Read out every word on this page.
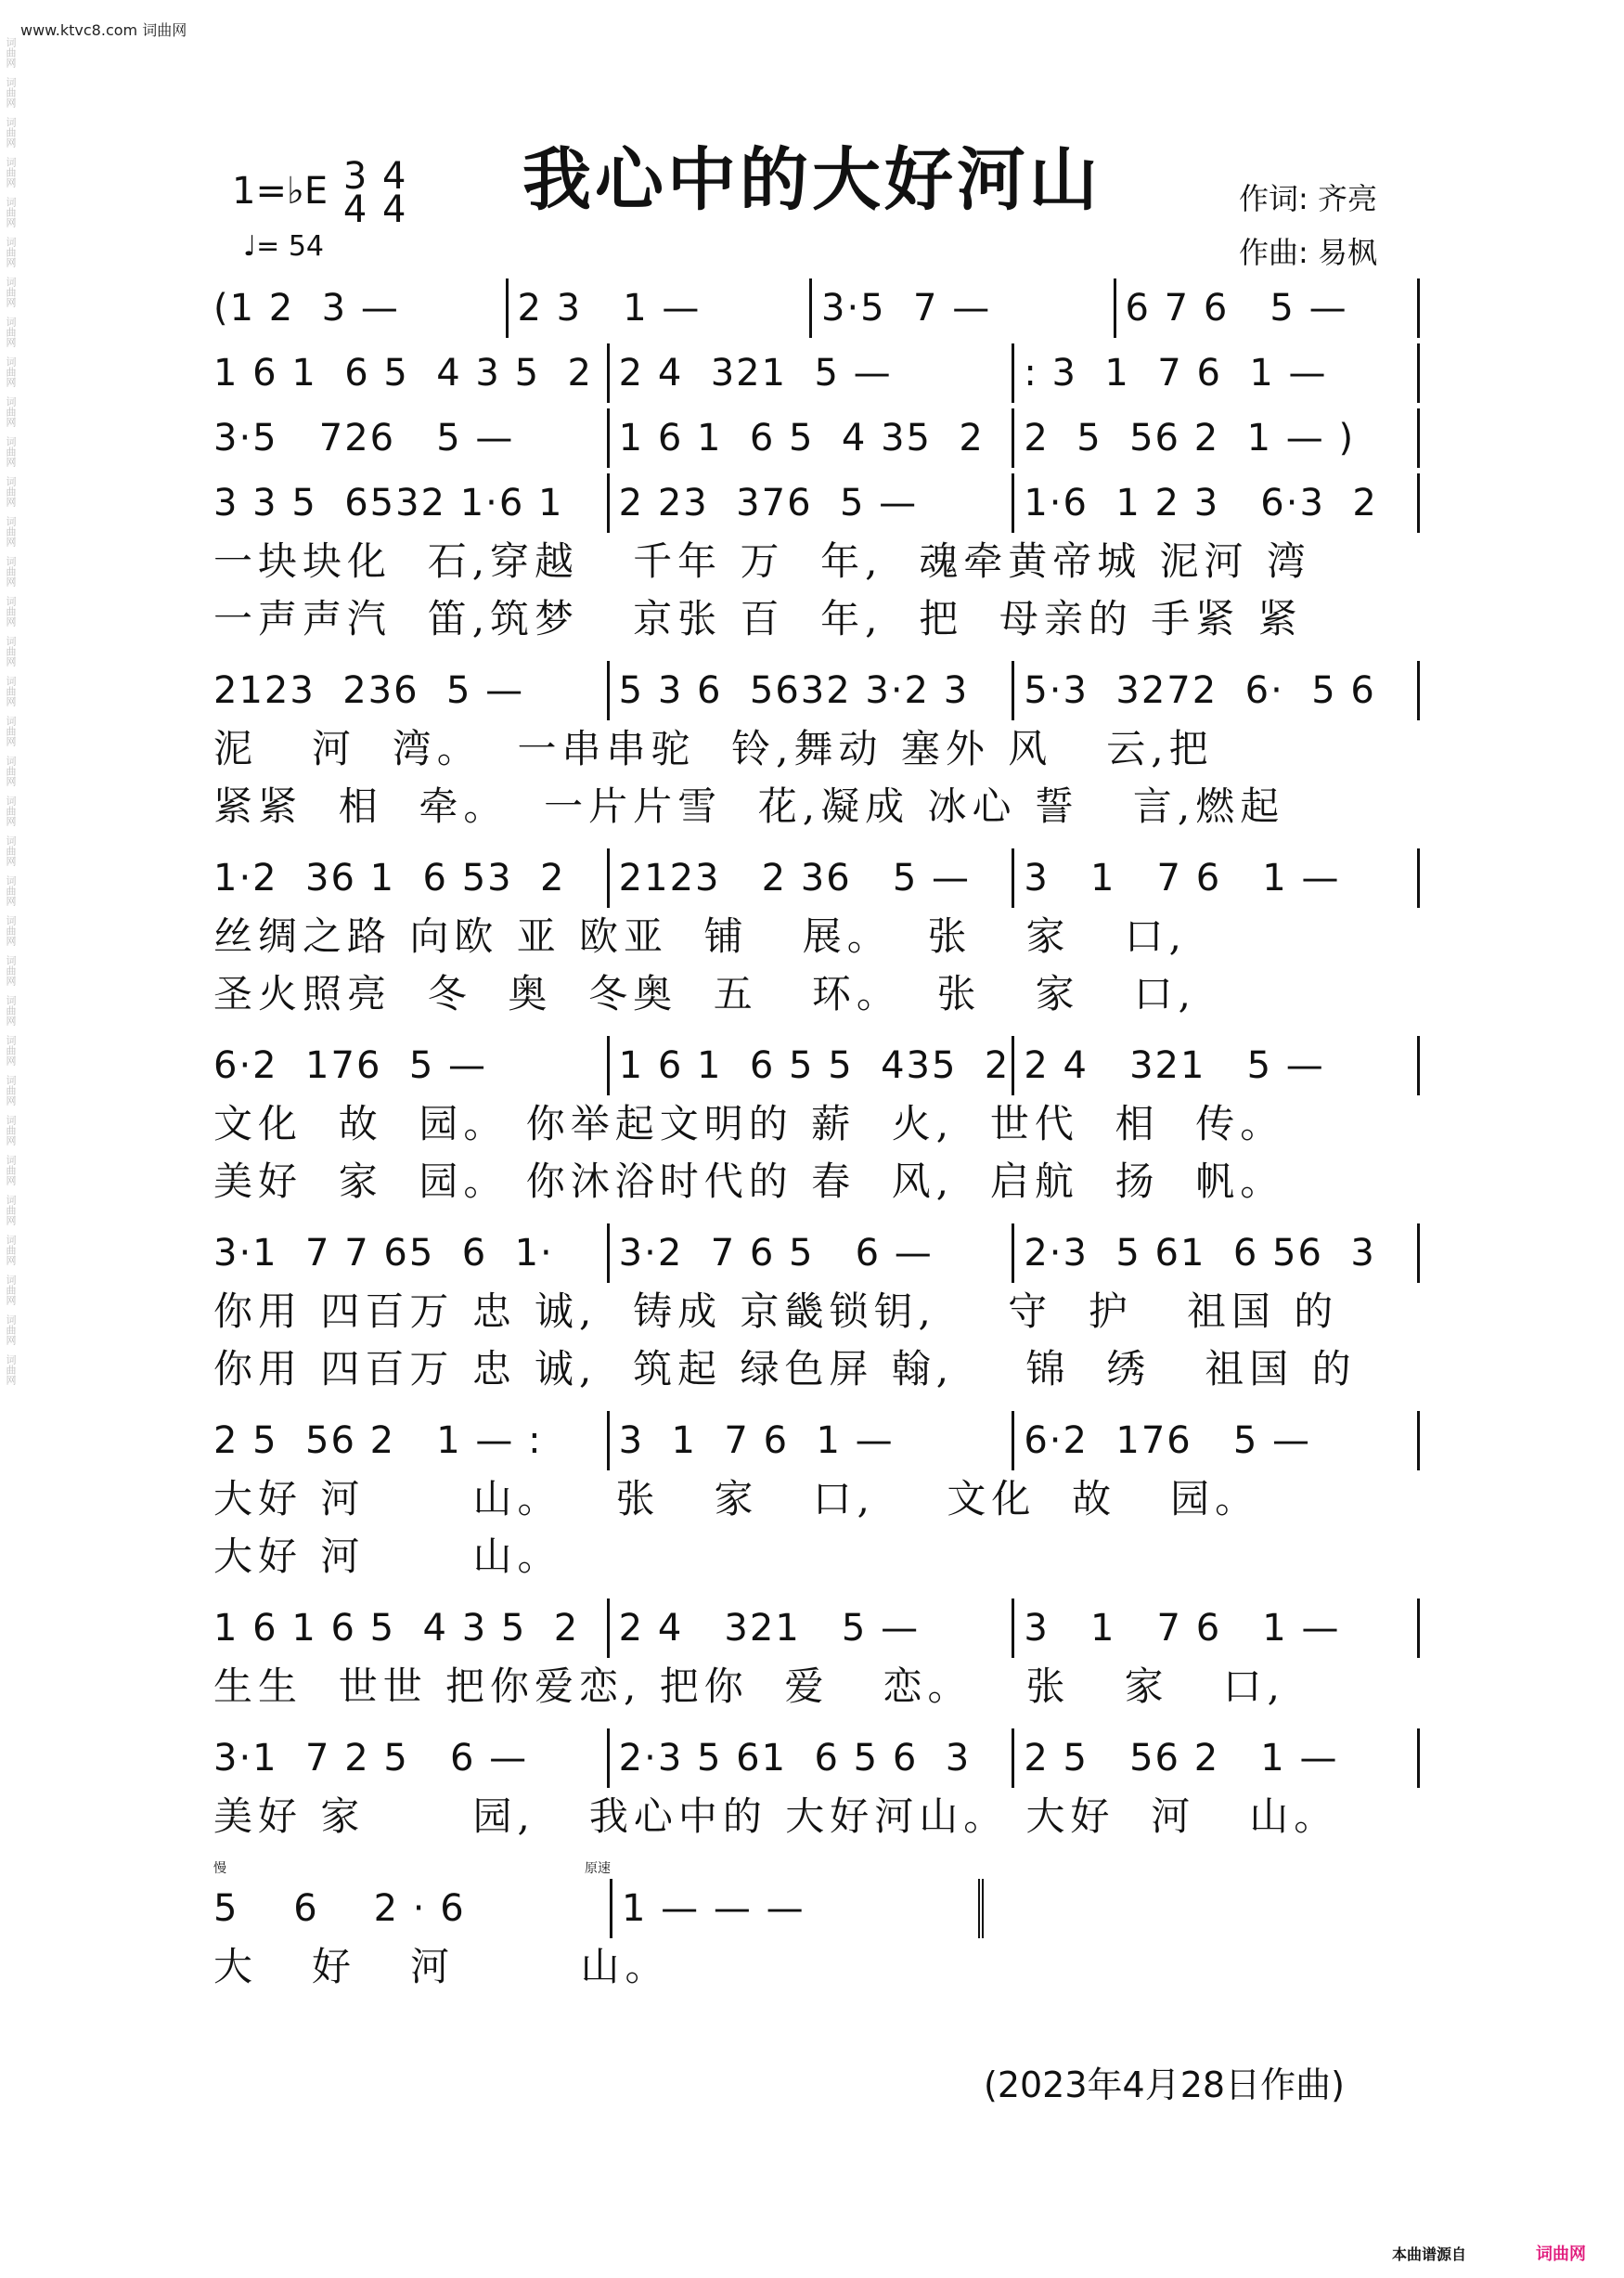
词曲网
词曲网
词曲网
词曲网
词曲网
词曲网
词曲网
词曲网
词曲网
词曲网
词曲网
词曲网
词曲网
词曲网
词曲网
词曲网
词曲网
词曲网
词曲网
词曲网
词曲网
词曲网
词曲网
词曲网
词曲网
词曲网
词曲网
词曲网
词曲网
词曲网
词曲网
词曲网
词曲网
词曲网
www.ktvc8.com 词曲网
我心中的大好河山
1=♭E 3
4

4
4
♩= 54
作词: 齐亮
作曲: 易枫
(1 2  3 —	2 3   1 —	3·5  7 —	6 7 6   5 —
1 6 1  6 5  4 3 5  2 2 4  321  5 —	: 3  1  7 6  1 —
3·5   726   5 —	1 6 1  6 5  4 35  2	2  5  56 2  1 — )
3 3 5  6532 1·6 1	2 23  376  5 —	1·6  1 2 3   6·3  2
一块块化  石,穿越   千年 万  年,  魂牵黄帝城 泥河 湾
一声声汽  笛,筑梦   京张 百  年,  把  母亲的 手紧 紧
2123  236  5 —	5 3 6  5632 3·2 3	5·3  3272  6·  5 6
泥   河  湾。  一串串驼  铃,舞动 塞外 风   云,把
紧紧  相  牵。  一片片雪  花,凝成 冰心 誓   言,燃起
1·2  36 1  6 53  2	2123   2 36   5 —	3   1   7 6   1 —
丝绸之路 向欧 亚 欧亚  铺   展。  张   家   口,
圣火照亮  冬  奥  冬奥  五   环。  张   家   口,
6·2  176  5 —	1 6 1  6 5 5  435  2 2 4   321   5 —
文化  故  园。 你举起文明的 薪  火,  世代  相  传。
美好  家  园。 你沐浴时代的 春  风,  启航  扬  帆。
3·1  7 7 65  6  1·	3·2  7 6 5   6 —	2·3  5 61  6 56  3
你用 四百万 忠 诚,  铸成 京畿锁钥,    守  护   祖国 的
你用 四百万 忠 诚,  筑起 绿色屏 翰,    锦  绣   祖国 的
2 5  56 2   1 — :	3  1  7 6  1 —	6·2  176   5 —
大好 河      山。   张   家   口,    文化  故   园。
大好 河      山。
1 6 1 6 5  4 3 5  2	2 4   321   5 —	3   1   7 6   1 —
生生  世世 把你爱恋, 把你  爱   恋。   张   家   口,
3·1  7 2 5   6 —	2·3 5 61  6 5 6  3	2 5   56 2   1 —
美好 家      园,   我心中的 大好河山。 大好  河   山。
慢	原速
5    6    2 · 6	1 — — —
大   好   河       山。
(2023年4月28日作曲)
本曲谱源自	词曲网
